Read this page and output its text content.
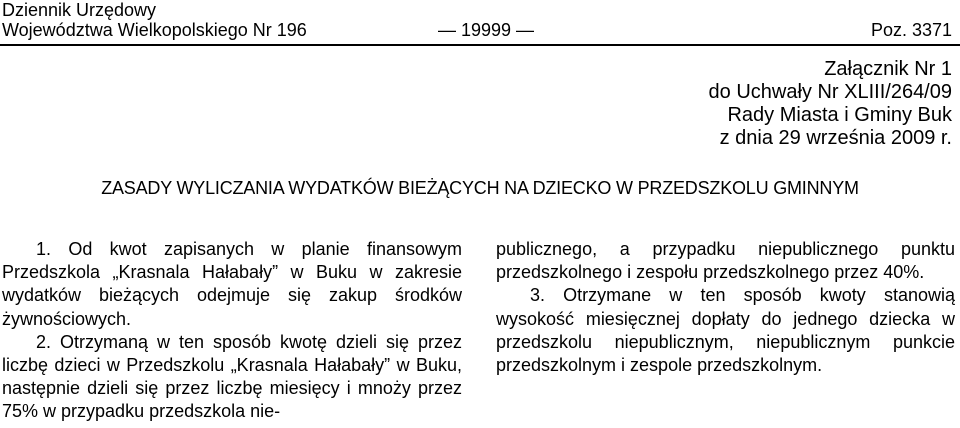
Dziennik Urzędowy
Województwa Wielkopolskiego Nr 196	— 19999 —	Poz. 3371
Załącznik Nr 1
do Uchwały Nr XLIII/264/09
Rady Miasta i Gminy Buk
z dnia 29 września 2009 r.
ZASADY WYLICZANIA WYDATKÓW BIEŻĄCYCH NA DZIECKO W PRZEDSZKOLU GMINNYM

1. Od kwot zapisanych w planie finansowym Przedszkola „Krasnala Hałabały” w Buku w zakresie wydatków bieżących odejmuje się zakup środków żywnościowych.

2. Otrzymaną w ten sposób kwotę dzieli się przez liczbę dzieci w Przedszkolu „Krasnala Hałabały” w Buku, następnie dzieli się przez liczbę miesięcy i mnoży przez 75% w przypadku przedszkola nie-

publicznego, a przypadku niepublicznego punktu przedszkolnego i zespołu przedszkolnego przez 40%.

3. Otrzymane w ten sposób kwoty stanowią wysokość miesięcznej dopłaty do jednego dziecka w przedszkolu niepublicznym, niepublicznym punkcie przedszkolnym i zespole przedszkolnym.
